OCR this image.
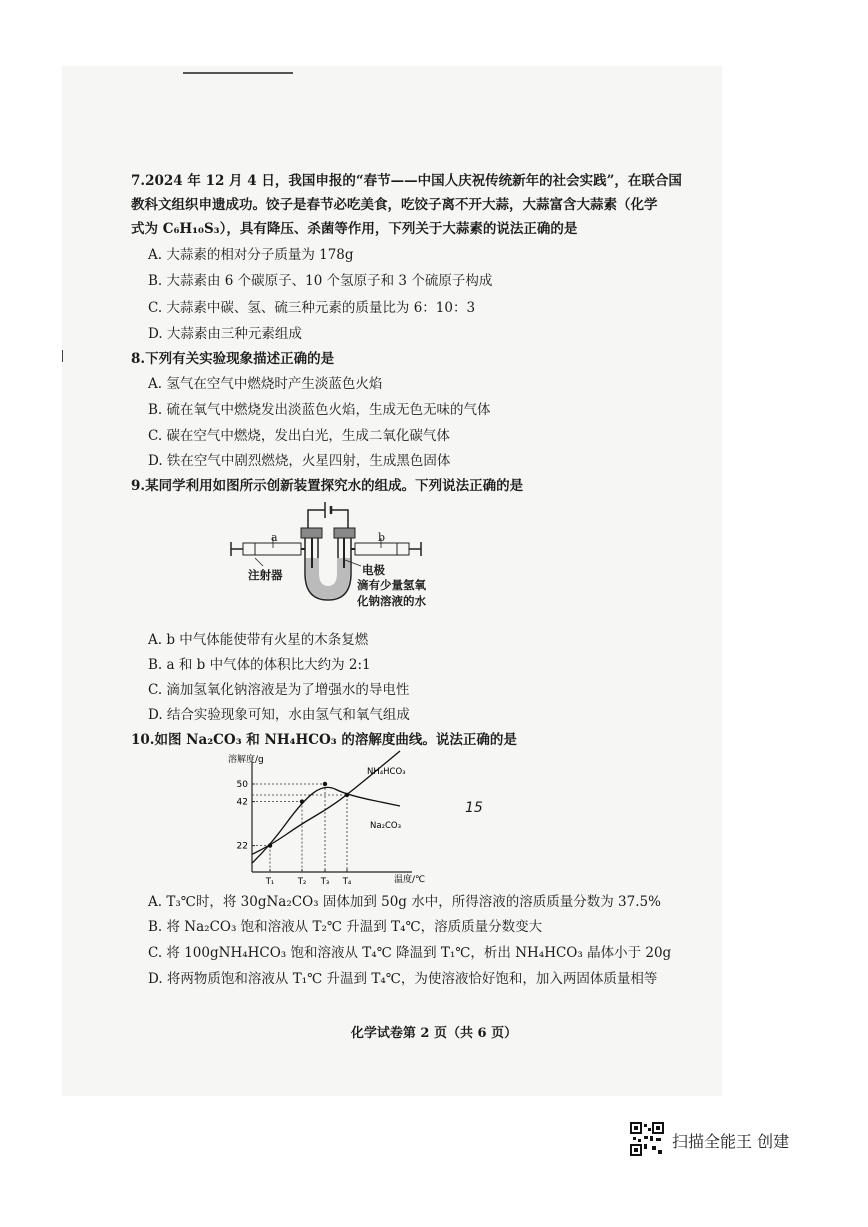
7.2024 年 12 月 4 日，我国申报的“春节——中国人庆祝传统新年的社会实践”，在联合国
教科文组织申遗成功。饺子是春节必吃美食，吃饺子离不开大蒜，大蒜富含大蒜素（化学
式为 C₆H₁₀S₃），具有降压、杀菌等作用，下列关于大蒜素的说法正确的是
A. 大蒜素的相对分子质量为 178g
B. 大蒜素由 6 个碳原子、10 个氢原子和 3 个硫原子构成
C. 大蒜素中碳、氢、硫三种元素的质量比为 6：10：3
D. 大蒜素由三种元素组成
8.下列有关实验现象描述正确的是
A. 氢气在空气中燃烧时产生淡蓝色火焰
B. 硫在氧气中燃烧发出淡蓝色火焰，生成无色无味的气体
C. 碳在空气中燃烧，发出白光，生成二氧化碳气体
D. 铁在空气中剧烈燃烧，火星四射，生成黑色固体
9.某同学利用如图所示创新装置探究水的组成。下列说法正确的是
a	b
注射器	电极
滴有少量氢氧
化钠溶液的水
A. b 中气体能使带有火星的木条复燃
B. a 和 b 中气体的体积比大约为 2:1
C. 滴加氢氧化钠溶液是为了增强水的导电性
D. 结合实验现象可知，水由氢气和氧气组成
10.如图 Na₂CO₃ 和 NH₄HCO₃ 的溶解度曲线。说法正确的是
溶解度/g
温度/℃
22
42
50
T₁	T₂ T₃ T₄
NH₄HCO₃
Na₂CO₃
15
A. T₃℃时，将 30gNa₂CO₃ 固体加到 50g 水中，所得溶液的溶质质量分数为 37.5%
B. 将 Na₂CO₃ 饱和溶液从 T₂℃ 升温到 T₄℃，溶质质量分数变大
C. 将 100gNH₄HCO₃ 饱和溶液从 T₄℃ 降温到 T₁℃，析出 NH₄HCO₃ 晶体小于 20g
D. 将两物质饱和溶液从 T₁℃ 升温到 T₄℃，为使溶液恰好饱和，加入两固体质量相等
化学试卷第 2 页（共 6 页）
扫描全能王 创建
